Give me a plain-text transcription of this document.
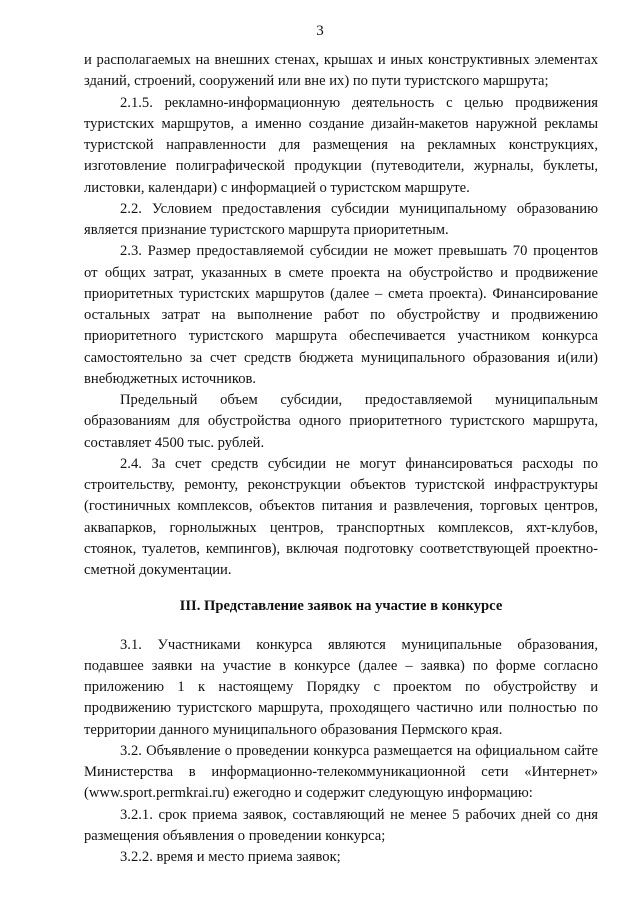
3

и располагаемых на внешних стенах, крышах и иных конструктивных элементах зданий, строений, сооружений или вне их) по пути туристского маршрута;

2.1.5. рекламно-информационную деятельность с целью продвижения туристских маршрутов, а именно создание дизайн-макетов наружной рекламы туристской направленности для размещения на рекламных конструкциях, изготовление полиграфической продукции (путеводители, журналы, буклеты, листовки, календари) с информацией о туристском маршруте.

2.2. Условием предоставления субсидии муниципальному образованию является признание туристского маршрута приоритетным.

2.3. Размер предоставляемой субсидии не может превышать 70 процентов от общих затрат, указанных в смете проекта на обустройство и продвижение приоритетных туристских маршрутов (далее – смета проекта). Финансирование остальных затрат на выполнение работ по обустройству и продвижению приоритетного туристского маршрута обеспечивается участником конкурса самостоятельно за счет средств бюджета муниципального образования и(или) внебюджетных источников.

Предельный объем субсидии, предоставляемой муниципальным образованиям для обустройства одного приоритетного туристского маршрута, составляет 4500 тыс. рублей.

2.4. За счет средств субсидии не могут финансироваться расходы по строительству, ремонту, реконструкции объектов туристской инфраструктуры (гостиничных комплексов, объектов питания и развлечения, торговых центров, аквапарков, горнолыжных центров, транспортных комплексов, яхт-клубов, стоянок, туалетов, кемпингов), включая подготовку соответствующей проектно-сметной документации.

III. Представление заявок на участие в конкурсе

3.1. Участниками конкурса являются муниципальные образования, подавшее заявки на участие в конкурсе (далее – заявка) по форме согласно приложению 1 к настоящему Порядку с проектом по обустройству и продвижению туристского маршрута, проходящего частично или полностью по территории данного муниципального образования Пермского края.

3.2. Объявление о проведении конкурса размещается на официальном сайте Министерства в информационно-телекоммуникационной сети «Интернет» (www.sport.permkrai.ru) ежегодно и содержит следующую информацию:

3.2.1. срок приема заявок, составляющий не менее 5 рабочих дней со дня размещения объявления о проведении конкурса;

3.2.2. время и место приема заявок;
